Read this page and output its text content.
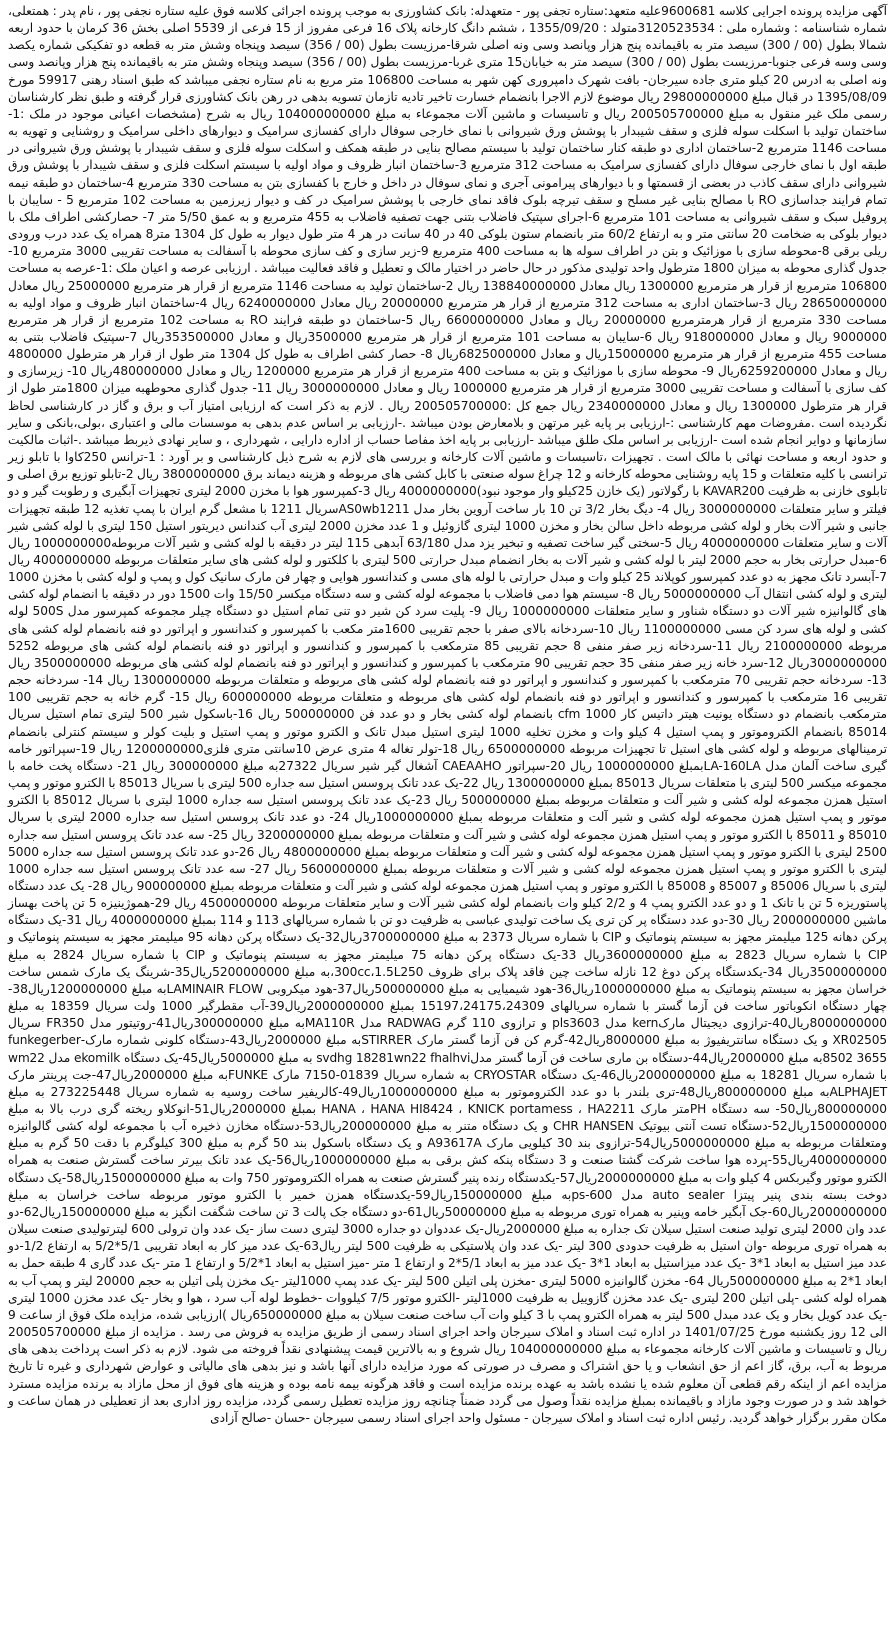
آگهی مزایده پرونده اجرایی کلاسه 9600681علیه متعهد:ستاره تجفی پور - متعهدله: بانک کشاورزی به موجب پرونده اجرائی کلاسه فوق علیه ستاره نجفی پور ، نام پدر : همتعلی، شماره شناسنامه : وشماره ملی : 3120523534متولد : 1355/09/20 ، ششم دانگ کارخانه پلاک 16 فرعی مفروز از 15 فرعی از 5539 اصلی بخش 36 کرمان با حدود اربعه شمالا بطول (00 / 300) سیصد متر به باقیمانده پنج هزار وپانصد وسی ونه اصلی شرقا-مرزیست بطول (00 / 356) سیصد وپنجاه وشش متر به قطعه دو تفکیکی شماره یکصد وسی وسه فرعی جنوبا-مرزیست بطول (00 / 300) سیصد متر به خیابان15 متری غربا-مرزیست بطول (00 / 356) سیصد وپنجاه وشش متر به باقیمانده پنج هزار وپانصد وسی ونه اصلی به ادرس 20 کیلو متری جاده سیرجان- بافت شهرک دامپروری کهن شهر به مساحت 106800 متر مربع به نام ستاره نجفی میباشد که طبق اسناد رهنی 59917 مورخ 1395/08/09 در قبال مبلغ 29800000000 ریال موضوع لازم الاجرا بانضمام خسارت تاخیر تادیه تازمان تسویه بدهی در رهن بانک کشاورزی قرار گرفته و طبق نظر کارشناسان رسمی ملک غیر منقول به مبلغ 200505700000 ریال و تاسیسات و ماشین آلات مجموعاء به مبلغ 104000000000 ریال به شرح (مشخصات اعیانی موجود در ملک :1-ساختمان تولید با اسکلت سوله فلزی و سقف شیبدار با پوشش ورق شیروانی با نمای خارجی سوفال دارای کفسازی سرامیک و دیوارهای داخلی سرامیک و روشنایی و تهویه به مساحت 1146 مترمربع 2-ساختمان اداری دو طبقه کنار ساختمان تولید با سیستم مصالح بنایی در طبقه همکف و اسکلت سوله فلزی و سقف شیبدار با پوشش ورق شیروانی در طبقه اول با نمای خارجی سوفال دارای کفسازی سرامیک به مساحت 312 مترمربع 3-ساختمان انبار ظروف و مواد اولیه با سیستم اسکلت فلزی و سقف شیبدار با پوشش ورق شیروانی دارای سقف کاذب در بعضی از قسمتها و با دیوارهای پیرامونی آجری و نمای سوفال در داخل و خارج با کفسازی بتن به مساحت 330 مترمربع 4-ساختمان دو طبقه نیمه تمام فرایند جداسازی RO با مصالح بنایی غیر مسلح و سقف تیرچه بلوک فاقد نمای خارجی با پوشش سرامیک در کف و دیوار زیرزمین به مساحت 102 مترمربع 5 - سایبان با پروفیل سبک و سقف شیروانی به مساحت 101 مترمربع 6-اجرای سپتیک فاضلاب بتنی جهت تصفیه فاضلاب به 455 مترمربع و به عمق 5/50 متر 7- حصارکشی اطراف ملک با دیوار بلوکی به ضخامت 20 سانتی متر و به ارتفاع 60/2 متر بانضمام ستون بلوکی 40 در 40 سانت در هر 4 متر طول دیوار به طول کل 1304 متر8 همراه یک عدد درب ورودی ریلی برقی 8-محوطه سازی با موزائیک و بتن در اطراف سوله ها به مساحت 400 مترمربع 9-زیر سازی و کف سازی محوطه با آسفالت به مساحت تقریبی 3000 مترمربع 10-جدول گذاری محوطه به میزان 1800 مترطول واحد تولیدی مذکور در حال حاضر در اختیار مالک و تعطیل و فاقد فعالیت میباشد . ارزیابی عرصه و اعیان ملک :1-عرصه به مساحت 106800 مترمربع از قرار هر مترمربع 1300000 ریال معادل 138840000000 ریال 2-ساختمان تولید به مساحت 1146 مترمربع از قرار هر مترمربع 25000000 ریال معادل 28650000000 ریال 3-ساختمان اداری به مساحت 312 مترمربع از قرار هر مترمربع 20000000 ریال معادل 6240000000 ریال 4-ساختمان انبار ظروف و مواد اولیه به مساحت 330 مترمربع از قرار هرمترمربع 20000000 ریال و معادل 6600000000 ریال 5-ساختمان دو طبقه فرایند RO به مساحت 102 مترمربع از قرار هر مترمربع 9000000 ریال و معادل 918000000 ریال 6-سایبان به مساحت 101 مترمربع از قرار هر مترمربع 3500000ریال و معادل 353500000ریال 7-سپتیک فاضلاب بتنی به مساحت 455 مترمربع از قرار هر مترمربع 15000000ریال و معادل 6825000000ریال 8- حصار کشی اطراف به طول کل 1304 متر طول از قرار هر مترطول 4800000 ریال و معادل 6259200000ریال 9- محوطه سازی با موزائیک و بتن به مساحت 400 مترمربع از قرار هر مترمربع 1200000 ریال و معادل 480000000ریال 10- زیرسازی و کف سازی با آسفالت و مساحت تقریبی 3000 مترمربع از قرار هر مترمربع 1000000 ریال و معادل 3000000000 ریال 11- جدول گذاری محوطهبه میزان 1800متر طول از قرار هر مترطول 1300000 ریال و معادل 2340000000 ریال جمع کل :200505700000 ریال . لازم به ذکر است که ارزیابی امتیاز آب و برق و گاز در کارشناسی لحاظ نگردیده است .مفروضات مهم کارشناسی :-ارزیابی بر پایه غیر مرتهن و بلامعارض بودن میباشد .-ارزیابی بر اساس عدم بدهی به موسسات مالی و اعتباری ،بولی،بانکی و سایر سازمانها و دوایر انجام شده است -ارزیابی بر اساس ملک طلق میباشد -ارزیابی بر پایه اخذ مفاصا حساب از اداره دارایی ، شهرداری ، و سایر نهادی ذیربط میباشد .-اثبات مالکیت و حدود اربعه و مساحت نهائی با مالک است . تجهیزات ،تاسیسات و ماشین آلات کارخانه و بررسی های لازم به شرح ذیل کارشناسی و بر آورد : 1-ترانس 250کاوا با تابلو زیر ترانسی با کلیه متعلقات و 15 پایه روشنایی محوطه کارخانه و 12 چراغ سوله صنعتی با کابل کشی های مربوطه و هزینه دیماند برق 3800000000 ریال 2-تابلو توزیع برق اصلی و تابلوی خازنی به ظرفیت KAVAR200 با رگولاتور (یک خازن 25کیلو وار موجود نبود)4000000000 ریال 3-کمپرسور هوا با مخزن 2000 لیتری تجهیزات آبگیری و رطوبت گیر و دو فیلتر و سایر متعلقات 3000000000 ریال 4- دیگ بخار 3/2 تن 10 بار ساخت آروین بخار مدل AS0wb1211سریال 1211 با مشعل گرم ایران با پمپ تغذیه 12 طبقه تجهیزات جانبی و شیر آلات بخار و لوله کشی مربوطه داخل سالن بخار و مخزن 1000 لیتری گازوئیل و 1 عدد مخزن 2000 لیتری آب کندانس دیریتور استیل 150 لیتری با لوله کشی شیر آلات و سایر متعلقات 4000000000 ریال 5-سختی گیر ساخت تصفیه و تبخیر یزد مدل 63/180 آبدهی 115 لیتر در دقیقه با لوله کشی و شیر آلات مربوطه1000000000 ریال 6-مبدل حرارتی بخار به حجم 2000 لیتر با لوله کشی و شیر آلات به بخار انضمام مبدل حرارتی 500 لیتری با کلکتور و لوله کشی های سایر متعلقات مربوطه 4000000000 ریال 7-آبسرد تانک مجهز به دو عدد کمپرسور کوپلاند 25 کیلو وات و مبدل حرارتی با لوله های مسی و کندانسور هوایی و چهار فن مارک سانیک کول و پمپ و لوله کشی با مخزن 1000 لیتری و لوله کشی انتقال آب 5000000000 ریال 8- سیستم هوا دمی فاضلاب با مجموعه لوله کشی و سه دستگاه میکسر 15/50 وات 1500 دور در دقیقه با انضمام لوله کشی های گالوانیزه شیر آلات دو دستگاه شناور و سایر متعلقات 1000000000 ریال 9- پلیت سرد کن شیر دو تنی تمام استیل دو دستگاه چیلر مجموعه کمپرسور مدل 500S لوله کشی و لوله های سرد کن مسی 1100000000 ریال 10-سردخانه بالای صفر با حجم تقریبی 1600متر مکعب با کمپرسور و کندانسور و اپراتور دو فنه بانضمام لوله کشی های مربوطه 2100000000 ریال 11-سردخانه زیر صفر منفی 8 حجم تقریبی 85 مترمکعب با کمپرسور و کندانسور و اپراتور دو فنه بانضمام لوله کشی های مربوطه 5252 3000000000ریال 12-سرد خانه زیر صفر منفی 35 حجم تقریبی 90 مترمکعب با کمپرسور و کندانسور و اپراتور دو فنه بانضمام لوله کشی های مربوطه 3500000000 ریال 13- سردخانه حجم تقریبی 70 مترمکعب با کمپرسور و کندانسور و اپراتور دو فنه بانضمام لوله کشی های مربوطه و متعلقات مربوطه 1300000000 ریال 14- سردخانه حجم تقریبی 16 مترمکعب با کمپرسور و کندانسور و اپراتور دو فنه بانضمام لوله کشی های مربوطه و متعلقات مربوطه 600000000 ریال 15- گرم خانه به حجم تقریبی 100 مترمکعب بانضمام دو دستگاه یونیت هیتر داتیس کار 1000 cfm بانضمام لوله کشی بخار و دو عدد فن 500000000 ریال 16-باسکول شیر 500 لیتری تمام استیل سریال 85014 بانضمام الکتروموتور و پمپ استیل 4 کیلو وات و مخزن تخلیه 1000 لیتری استیل مبدل تانک و الکترو موتور و پمپ استیل و بلیت کولر و سیستم کنترلی بانضمام ترمینالهای مربوطه و لوله کشی های استیل تا تجهیزات مربوطه 6500000000 ریال 18-تولر تغاله 4 متری عرض 10سانتی متری فلزی1200000000 ریال 19-سپراتور خامه گیری ساخت آلمان مدل LA-160LAبمبلغ 1000000000 ریال 20-سپراتور CAEAAHO آشغال گیر شیر سریال 27322به مبلغ 300000000 ریال 21- دستگاه پخت خامه با مجموعه میکسر 500 لیتری با متعلقات سریال 85013 بمبلغ 1300000000 ریال 22-یک عدد تانک پروسس استیل سه جداره 500 لیتری با سریال 85013 با الکترو موتور و پمپ استیل همزن مجموعه لوله کشی و شیر آلت و متعلقات مربوطه بمبلغ 500000000 ریال 23-یک عدد تانک پروسس استیل سه جداره 1000 لیتری با سریال 85012 با الکترو موتور و پمپ استیل همزن مجموعه لوله کشی و شیر آلت و متعلقات مربوطه بمبلغ 1000000000ریال 24- دو عدد تانک پروسس استیل سه جداره 2000 لیتری با سریال 85010 و 85011 با الکترو موتور و پمپ استیل همزن مجموعه لوله کشی و شیر آلت و متعلقات مربوطه بمبلغ 3200000000 ریال 25- سه عدد تانک پروسس استیل سه جداره 2500 لیتری با الکترو موتور و پمپ استیل همزن مجموعه لوله کشی و شیر آلت و متعلقات مربوطه بمبلغ 4800000000 ریال 26-دو عدد تانک پروسس استیل سه جداره 5000 لیتری با الکترو موتور و پمپ استیل همزن مجموعه لوله کشی و شیر آلات و متعلقات مربوطه بمبلغ 5600000000 ریال 27- سه عدد تانک پروسس استیل سه جداره 1000 لیتری با سریال 85006 و 85007 و 85008 با الکترو موتور و پمپ استیل همزن مجموعه لوله کشی و شیر آلت و متعلقات مربوطه بمبلغ 900000000 ریال 28- یک عدد دستگاه پاستوریزه 5 تن با تانک 1 و دو عدد الکترو پمپ 4 و 2/2 کیلو وات بانضمام لوله کشی شیر آلات و سایر متعلقات مربوطه 4500000000 ریال 29-هموژینیزه 5 تن پاخت بهساز ماشین 2000000000 ریال 30-دو عدد دستگاه پر کن تری یک ساخت تولیدی عباسی به ظرفیت دو تن با شماره سریالهای 113 و 114 بمبلغ 4000000000 ریال 31-یک دستگاه پرکن دهانه 125 میلیمتر مجهز به سیستم پنوماتیک و CIP با شماره سریال 2373 به مبلغ 3700000000ریال32-یک دستگاه پرکن دهانه 95 میلیمتر مجهز به سیستم پنوماتیک و CIP با شماره سریال 2823 به مبلغ 3600000000ریال 33-یک دستگاه پرکن دهانه 75 میلیمتر مجهز به سیستم پنوماتیک و CIP با شماره سریال 2824 به مبلغ 3500000000ریال 34-یکدستگاه پرکن دوغ 12 نازله ساخت چین فاقد پلاک برای ظروف 300cc،1.5L250،به مبلغ 5200000000ریال35-شرینگ یک مارک شمس ساخت خراسان مجهز به سیستم پنوماتیک به مبلغ 1000000000ریال36-هود شیمیایی به مبلغ 500000000ریال37-هود میکروبی LAMINAIR FLOWبه مبلغ 1200000000ریال38-چهار دستگاه انکوباتور ساخت فن آزما گستر با شماره سریالهای 15197،24175،24309 بمبلغ 2000000000ریال39-آب مقطرگیر 1000 ولت سریال 18359 به مبلغ 8000000000ریال40-ترازوی دیجیتال مارکkern مدل pls3603 و ترازوی 110 گرم RADWAG مدل MA110Rبه مبلغ 300000000ریال41-روتیتور مدل FR350 سریال XR02505 و یک دستگاه سانتریفیوژ به مبلغ 8000000ریال42-گرم کن فن آزما گستر مارک STIRRERبه مبلغ 2000000ریال43-دستگاه کلونی شماره مارک-funkegerber 8502 3655به مبلغ 2000000ریال44-دستگاه بن ماری ساخت فن آزما گستر مدلsvdhg 18281wn22 fhalhvi به مبلغ 5000000ریال45-یک دستگاه ekomilk مدل wm22 با شماره سریال 18281 به مبلغ 2000000000ریال46-یک دستگاه CRYOSTAR به شماره سریال 01839-7150 مارک FUNKEبه مبلغ 2000000ریال47-جت پرینتر مارک ALPHAJETبه مبلغ 800000000ریال48-تری بلندر با دو عدد الکتروموتور به مبلغ 1000000000ریال49-کالریفیر ساخت روسیه به شماره سریال 273225448 به مبلغ 800000000ریال50- سه دستگاه PHمتر مارک HANA ، HANA HI8424 ، KNICK portamess ، HA2211 بمبلغ 2000000ریال51-انوکلاو ریخته گری درب بالا به مبلغ 1500000000ریال52-دستگاه تست آنتی بیوتیک CHR HANSEN و یک دستگاه متنر به مبلغ 200000000ریال53-دستگاه مخازن ذخیره آب با مجموعه لوله کشی گالوانیزه ومتعلقات مربوطه به مبلغ 5000000000ریال54-ترازوی بند 30 کیلویی مارک A93617A و یک دستگاه باسکول بند 50 گرم به مبلغ 300 کیلوگرم با دقت 50 گرم به مبلغ 4000000000ریال55-پرده هوا ساخت شرکت گشتا صنعت و 3 دستگاه پنکه کش برقی به مبلغ 1000000000ریال56-یک عدد تانک بیرتر ساخت گسترش صنعت به همراه الکترو موتور وگیربکس 4 کیلو وات به مبلغ 2000000000ریال57-یکدستگاه رنده پنیر گسترش صنعت به همراه الکتروموتور 750 وات به مبلغ 1500000000ریال58-یک دستگاه دوخت بسته بندی پنیر پیتزا auto sealer مدل ps-600به مبلغ 150000000ریال59-یکدستگاه همزن خمیر با الکترو موتور مربوطه ساخت خراسان به مبلغ 2000000000ریال60-جک آبگیر خامه وپنیر به همراه توری مربوطه به مبلغ 50000000ریال61-دو دستگاه جک پالت 3 تن ساخت شگفت انگیز به مبلغ 150000000ریال62-دو عدد وان 2000 لیتری تولید صنعت استیل سیلان تک جداره به مبلغ 2000000ریال-یک عددوان دو جداره 3000 لیتری دست ساز -یک عدد وان ترولی 600 لیترتولیدی صنعت سیلان به همراه توری مربوطه -وان استیل به ظرفیت حدودی 300 لیتر -یک عدد وان پلاستیکی به ظرفیت 500 لیتر ریال63-یک عدد میز کار به ابعاد تقریبی 5/1*5/2 به ارتفاع 1/2-دو عدد میز استیل به ابعاد 1*3 -یک عدد میزاستیل به ابعاد 1*3 -یک عدد میز به ابعاد 5/1*2 و ارتفاع 1 متر -میز استیل به ابعاد 1*5/2 و ارتفاع 1 متر -یک عدد گاری 4 طبقه حمل به ابعاد 1*2 به مبلغ 500000000ریال 64- مخزن گالوانیزه 5000 لیتری -مخزن پلی اتیلن 500 لیتر -یک عدد پمپ 1000لیتر -یک مخزن پلی اتیلن به حجم 20000 لیتر و پمپ آب به همراه لوله کشی -پلی اتیلن 200 لیتری -یک عدد مخزن گازوییل به ظرفیت 1000لیتر -الکترو موتور 7/5 کیلووات -خطوط لوله آب سرد ، هوا و بخار -یک عدد مخزن 1000 لیتری -یک عدد کویل بخار و یک عدد مبدل 500 لیتر به همراه الکترو پمپ با 3 کیلو وات آب ساخت صنعت سیلان به مبلغ 650000000ریال )ارزیابی شده، مزایده ملک فوق از ساعت 9 الی 12 روز یکشنبه مورخ 1401/07/25 در اداره ثبت اسناد و املاک سیرجان واحد اجرای اسناد رسمی از طریق مزایده به فروش می رسد . مزایده از مبلغ 200505700000 ریال و تاسیسات و ماشین آلات کارخانه مجموعاء به مبلغ 104000000000 ریال شروع و به بالاترین قیمت پیشنهادی نقداً فروخته می شود. لازم به ذکر است پرداخت بدهی های مربوط به آب، برق، گاز اعم از حق انشعاب و یا حق اشتراک و مصرف در صورتی که مورد مزایده دارای آنها باشد و نیز بدهی های مالیاتی و عوارض شهرداری و غیره تا تاریخ مزایده اعم از اینکه رقم قطعی آن معلوم شده یا نشده باشد به عهده برنده مزایده است و فاقد هرگونه بیمه نامه بوده و هزینه های فوق از محل مازاد به برنده مزایده مسترد خواهد شد و در صورت وجود مازاد و باقیمانده بمبلغ مزایده نقداً وصول می گردد ضمناً چنانچه روز مزایده تعطیل رسمی گردد، مزایده روز اداری بعد از تعطیلی در همان ساعت و مکان مقرر برگزار خواهد گردید. رئیس اداره ثبت اسناد و املاک سیرجان - مسئول واحد اجرای اسناد رسمی سیرجان -حسان -صالح آزادی
